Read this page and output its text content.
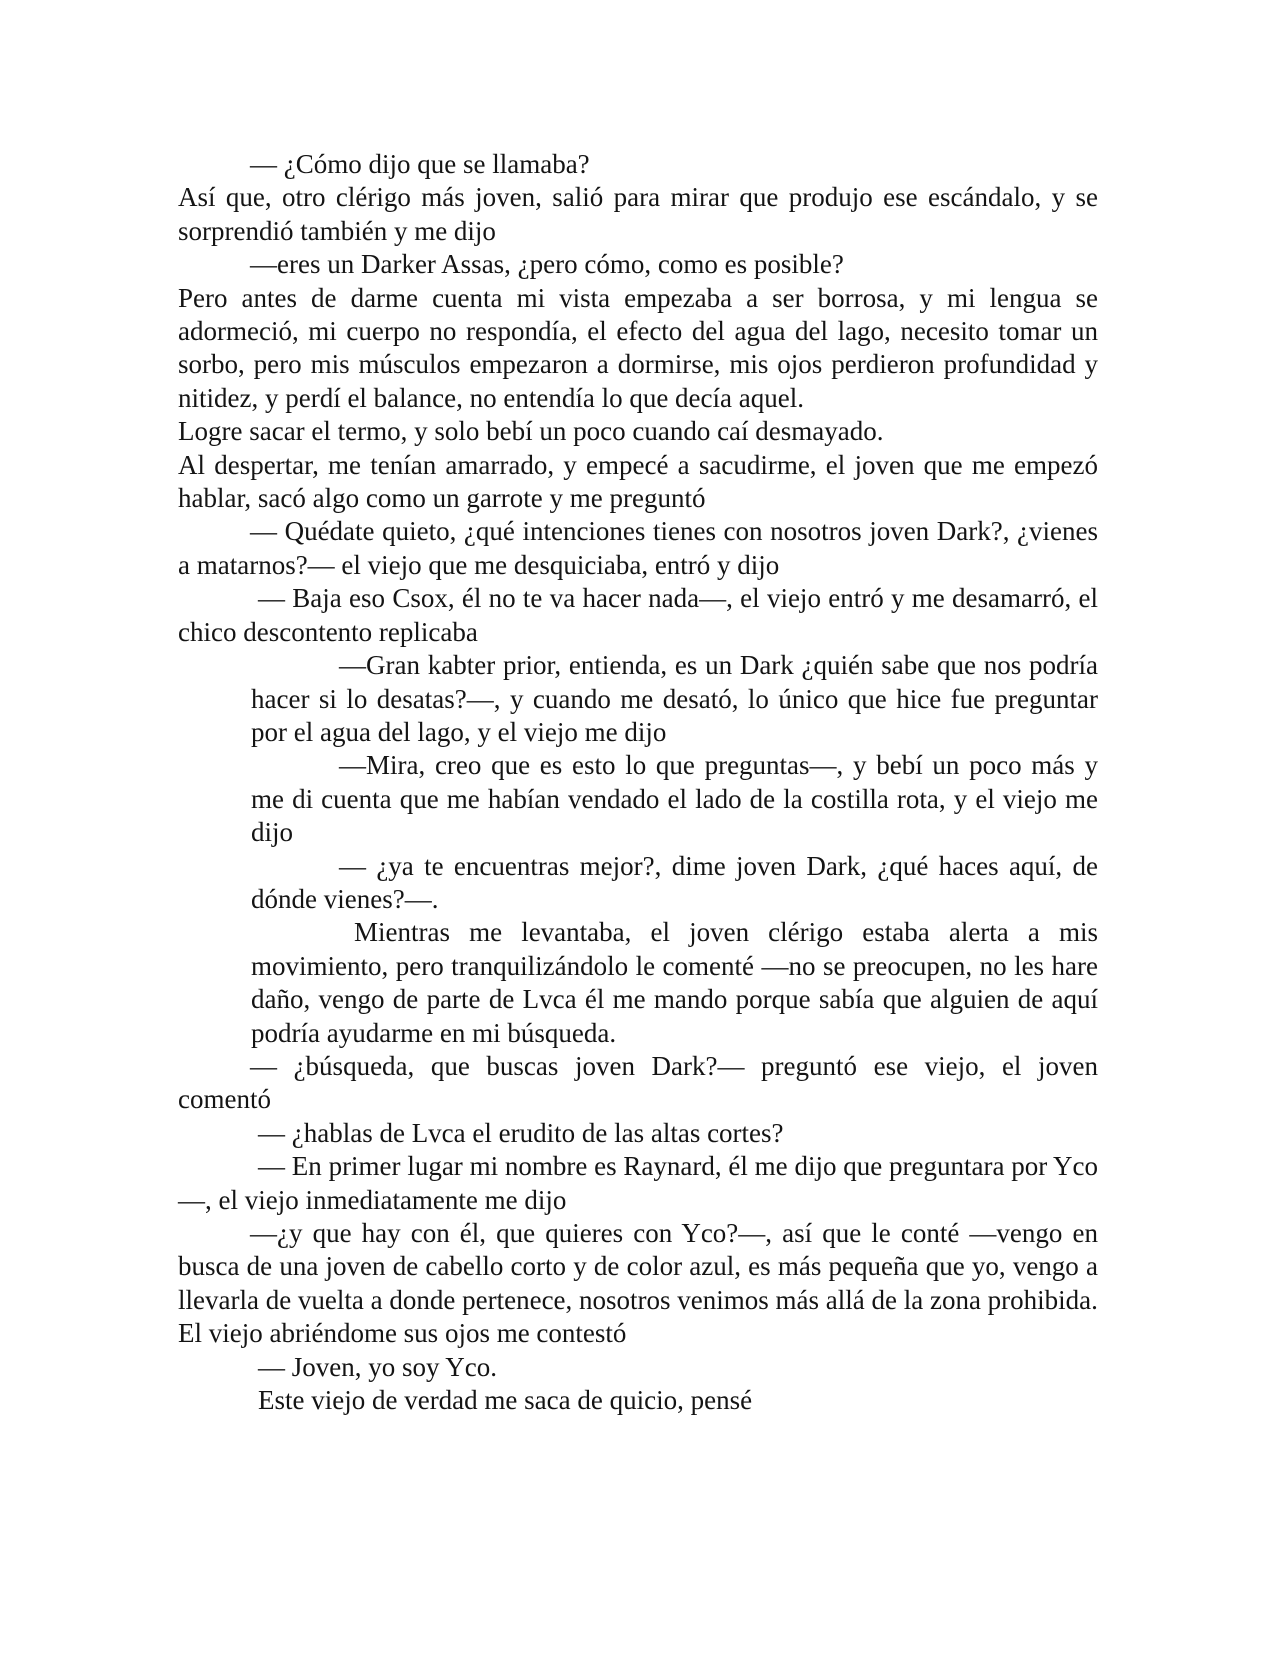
— ¿Cómo dijo que se llamaba?

Así que, otro clérigo más joven, salió para mirar que produjo ese escándalo, y se sorprendió también y me dijo

—eres un Darker Assas, ¿pero cómo, como es posible?

Pero antes de darme cuenta mi vista empezaba a ser borrosa, y mi lengua se adormeció, mi cuerpo no respondía, el efecto del agua del lago, necesito tomar un sorbo, pero mis músculos empezaron a dormirse, mis ojos perdieron profundidad y nitidez, y perdí el balance, no entendía lo que decía aquel.

Logre sacar el termo, y solo bebí un poco cuando caí desmayado.

Al despertar, me tenían amarrado, y empecé a sacudirme, el joven que me empezó hablar, sacó algo como un garrote y me preguntó

— Quédate quieto, ¿qué intenciones tienes con nosotros joven Dark?, ¿vienes a matarnos?— el viejo que me desquiciaba, entró y dijo

— Baja eso Csox, él no te va hacer nada—, el viejo entró y me desamarró, el chico descontento replicaba

—Gran kabter prior, entienda, es un Dark ¿quién sabe que nos podría hacer si lo desatas?—, y cuando me desató, lo único que hice fue preguntar por el agua del lago, y el viejo me dijo

—Mira, creo que es esto lo que preguntas—, y bebí un poco más y me di cuenta que me habían vendado el lado de la costilla rota, y el viejo me dijo

— ¿ya te encuentras mejor?, dime joven Dark, ¿qué haces aquí, de dónde vienes?—.

Mientras me levantaba, el joven clérigo estaba alerta a mis movimiento, pero tranquilizándolo le comenté —no se preocupen, no les hare daño, vengo de parte de Lvca él me mando porque sabía que alguien de aquí podría ayudarme en mi búsqueda.

— ¿búsqueda, que buscas joven Dark?— preguntó ese viejo, el joven comentó

— ¿hablas de Lvca el erudito de las altas cortes?

— En primer lugar mi nombre es Raynard, él me dijo que preguntara por Yco —, el viejo inmediatamente me dijo

—¿y que hay con él, que quieres con Yco?—, así que le conté —vengo en busca de una joven de cabello corto y de color azul, es más pequeña que yo, vengo a llevarla de vuelta a donde pertenece, nosotros venimos más allá de la zona prohibida.

El viejo abriéndome sus ojos me contestó

— Joven, yo soy Yco.

Este viejo de verdad me saca de quicio, pensé
